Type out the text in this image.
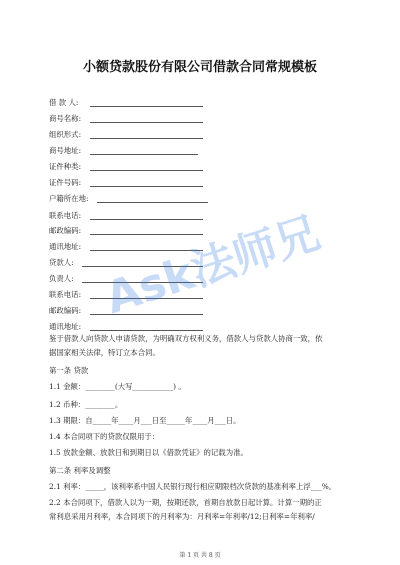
小额贷款股份有限公司借款合同常规模板
借 款 人:
商号名称:
组织形式:
商号地址:
证件种类:
证件号码:
户籍所在地:
联系电话:
邮政编码:
通讯地址:
贷款人:
负责人:
联系电话:
邮政编码:
通讯地址:
鉴于借款人向贷款人申请贷款，为明确双方权利义务，借款人与贷款人协商一致，依
据国家相关法律，特订立本合同。
第一条 贷款
1.1 金额：________(大写___________) 。
1.2 币种：________。
1.3 期限：自_____年____月___日至_____年____月___日。
1.4 本合同项下的贷款仅限用于：
1.5 放款金额、放款日和到期日以《借款凭证》的记载为准。
第二条 利率及调整
2.1 利率：_____，该利率系中国人民银行现行相应期限档次贷款的基准利率上浮___%。
2.2 本合同项下，借款人以为一期，按期还款，首期自放款日起计算。计算一期的正
常利息采用月利率，本合同项下的月利率为：月利率=年利率/12;日利率=年利率/
Ask法师兄
第 1 页 共 8 页
